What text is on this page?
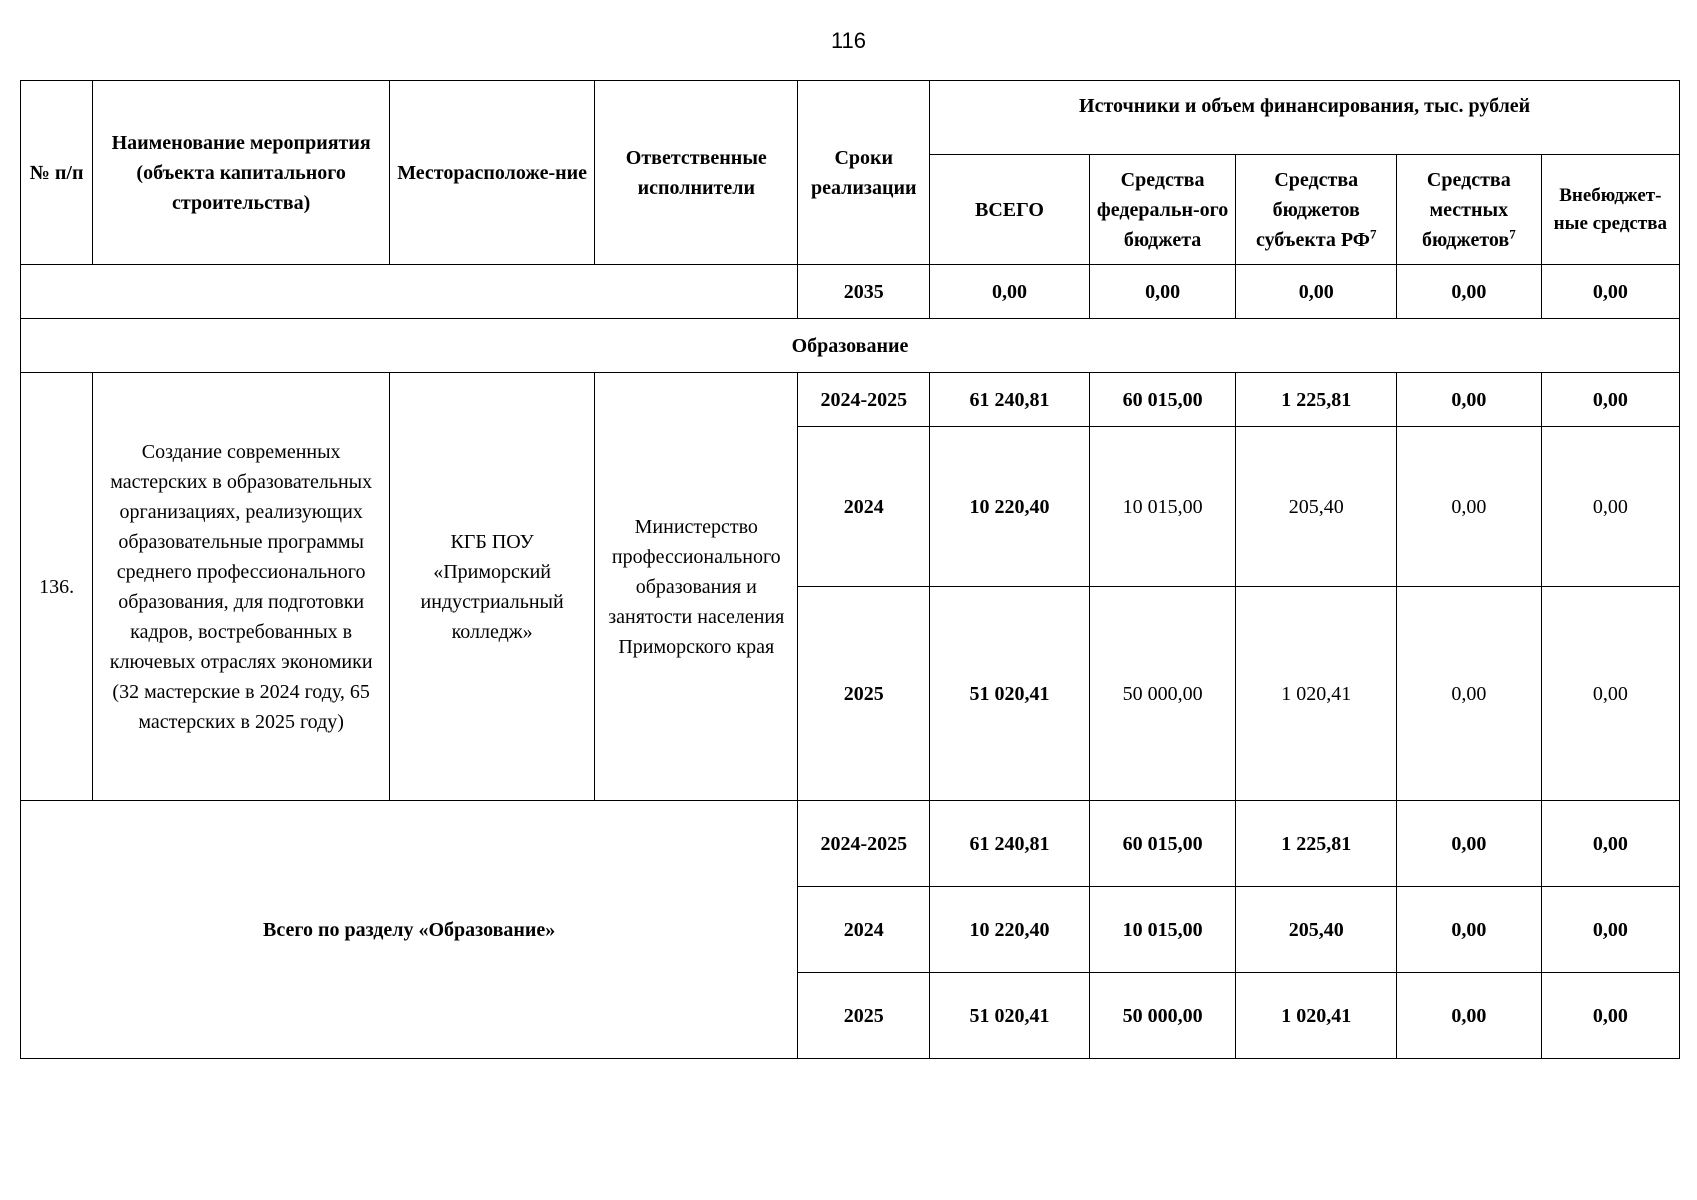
116
№ п/п	Наименование мероприятия (объекта капитального строительства)	Месторасположе-ние	Ответственные исполнители	Сроки реализации	Источники и объем финансирования, тыс. рублей				
					ВСЕГО	Средства федеральн-ого бюджета	Средства бюджетов субъекта $РФ^7$	Средства местных бюджетов$^7$	Внебюджет-ные средства
				2035	0,00	0,00	0,00	0,00	0,00
Образование									
136.	Создание современных мастерских в образовательных организациях, реализующих образовательные программы среднего профессионального образования, для подготовки кадров, востребованных в ключевых отраслях экономики (32 мастерские в 2024 году, 65 мастерских в 2025 году)	КГБ ПОУ «Приморский индустриальный колледж»	Министерство профессионального образования и занятости населения Приморского края	2024-2025	61 240,81	60 015,00	1 225,81	0,00	0,00
				2024	10 220,40	10 015,00	205,40	0,00	0,00
				2025	51 020,41	50 000,00	1 020,41	0,00	0,00
Всего по разделу «Образование»				2024-2025	61 240,81	60 015,00	1 225,81	0,00	0,00
				2024	10 220,40	10 015,00	205,40	0,00	0,00
				2025	51 020,41	50 000,00	1 020,41	0,00	0,00
